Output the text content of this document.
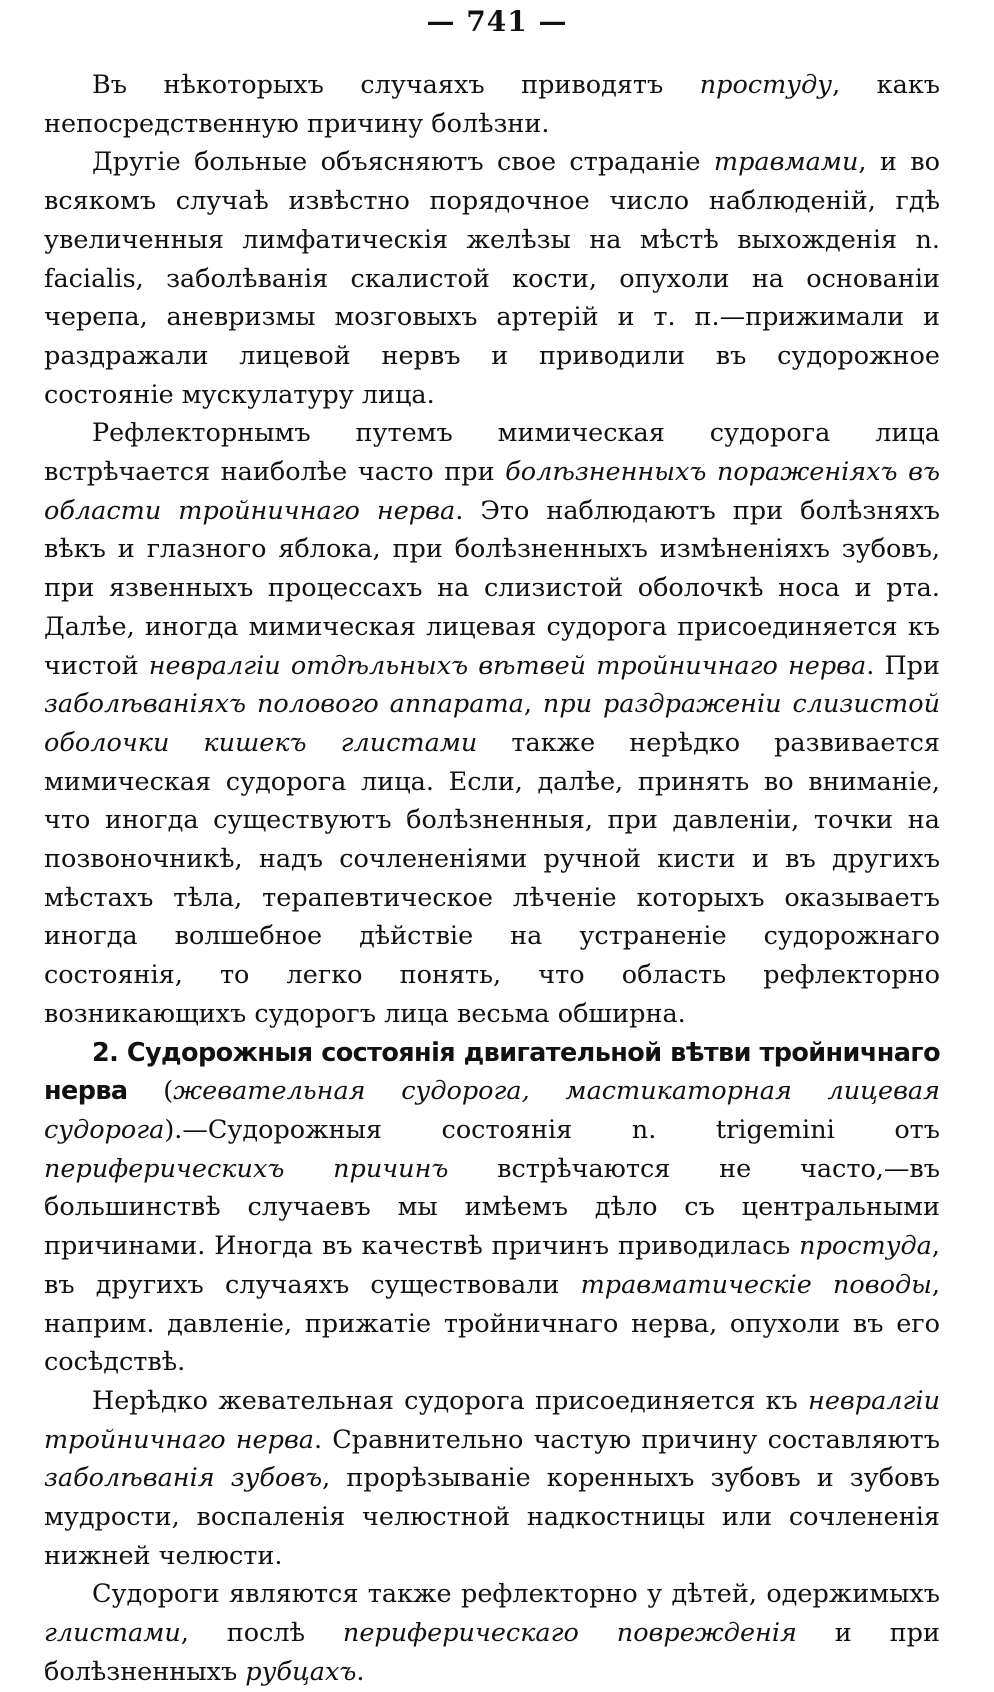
— 741 —

Въ нѣкоторыхъ случаяхъ приводятъ простуду, какъ непосредственную причину болѣзни.

Другіе больные объясняютъ свое страданіе травмами, и во всякомъ случаѣ извѣстно порядочное число наблюденій, гдѣ увеличенныя лимфатическія желѣзы на мѣстѣ выхожденія n. facialis, заболѣванія скалистой кости, опухоли на основаніи черепа, аневризмы мозговыхъ артерій и т. п.—прижимали и раздражали лицевой нервъ и приводили въ судорожное состояніе мускулатуру лица.

Рефлекторнымъ путемъ мимическая судорога лица встрѣчается наиболѣе часто при болѣзненныхъ пораженіяхъ въ области тройничнаго нерва. Это наблюдаютъ при болѣзняхъ вѣкъ и глазного яблока, при болѣзненныхъ измѣненіяхъ зубовъ, при язвенныхъ процессахъ на слизистой оболочкѣ носа и рта. Далѣе, иногда мимическая лицевая судорога присоединяется къ чистой невралгіи отдѣльныхъ вѣтвей тройничнаго нерва. При заболѣваніяхъ полового аппарата, при раздраженіи слизистой оболочки кишекъ глистами также нерѣдко развивается мимическая судорога лица. Если, далѣе, принять во вниманіе, что иногда существуютъ болѣзненныя, при давленіи, точки на позвоночникѣ, надъ сочлененіями ручной кисти и въ другихъ мѣстахъ тѣла, терапевтическое лѣченіе которыхъ оказываетъ иногда волшебное дѣйствіе на устраненіе судорожнаго состоянія, то легко понять, что область рефлекторно возникающихъ судорогъ лица весьма обширна.

2. Судорожныя состоянія двигательной вѣтви тройничнаго нерва (жевательная судорога, мастикаторная лицевая судорога).—Судорожныя состоянія n. trigemini отъ периферическихъ причинъ встрѣчаются не часто,—въ большинствѣ случаевъ мы имѣемъ дѣло съ центральными причинами. Иногда въ качествѣ причинъ приводилась простуда, въ другихъ случаяхъ существовали травматическіе поводы, наприм. давленіе, прижатіе тройничнаго нерва, опухоли въ его сосѣдствѣ.

Нерѣдко жевательная судорога присоединяется къ невралгіи тройничнаго нерва. Сравнительно частую причину составляютъ заболѣванія зубовъ, прорѣзываніе коренныхъ зубовъ и зубовъ мудрости, воспаленія челюстной надкостницы или сочлененія нижней челюсти.

Судороги являются также рефлекторно у дѣтей, одержимыхъ глистами, послѣ периферическаго поврежденія и при болѣзненныхъ рубцахъ.
